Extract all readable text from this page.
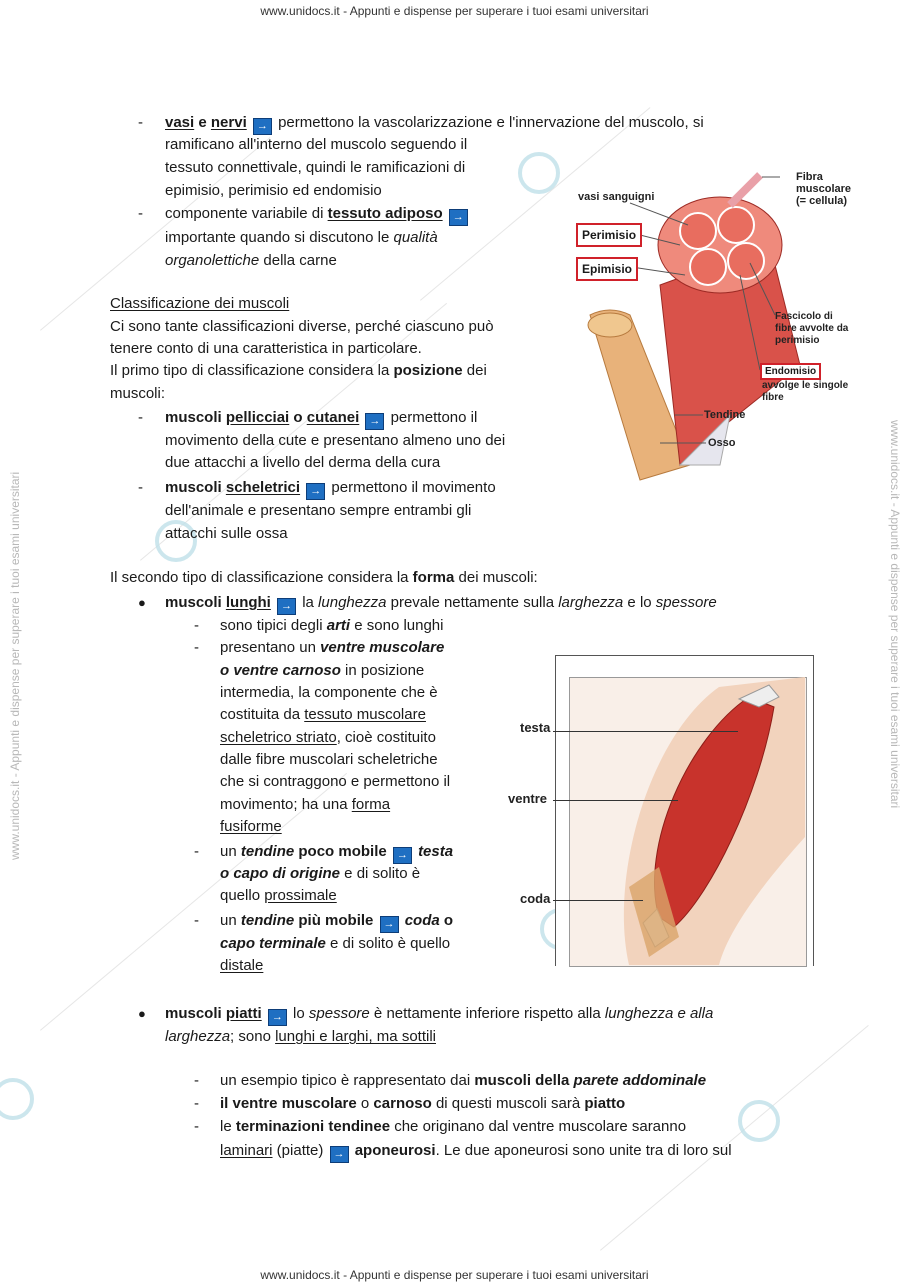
www.unidocs.it - Appunti e dispense per superare i tuoi esami universitari
www.unidocs.it - Appunti e dispense per superare i tuoi esami universitari
www.unidocs.it - Appunti e dispense per superare i tuoi esami universitari	www.unidocs.it - Appunti e dispense per superare i tuoi esami universitari
- vasi e nervi → permettono la vascolarizzazione e l'innervazione del muscolo, si
ramificano all'interno del muscolo seguendo il
tessuto connettivale, quindi le ramificazioni di
epimisio, perimisio ed endomisio
- componente variabile di tessuto adiposo →
importante quando si discutono le qualità
organolettiche della carne
Classificazione dei muscoli
Ci sono tante classificazioni diverse, perché ciascuno può
tenere conto di una caratteristica in particolare.
Il primo tipo di classificazione considera la posizione dei
muscoli:
- muscoli pellicciai o cutanei → permettono il
movimento della cute e presentano almeno uno dei
due attacchi a livello del derma della cura
- muscoli scheletrici → permettono il movimento
dell'animale e presentano sempre entrambi gli
attacchi sulle ossa
Il secondo tipo di classificazione considera la forma dei muscoli:
● muscoli lunghi → la lunghezza prevale nettamente sulla larghezza e lo spessore
- sono tipici degli arti e sono lunghi
- presentano un ventre muscolare
o ventre carnoso in posizione
intermedia, la componente che è
costituita da tessuto muscolare
scheletrico striato, cioè costituito
dalle fibre muscolari scheletriche
che si contraggono e permettono il
movimento; ha una forma
fusiforme
- un tendine poco mobile → testa
o capo di origine e di solito è
quello prossimale
- un tendine più mobile → coda o
capo terminale e di solito è quello
distale
● muscoli piatti → lo spessore è nettamente inferiore rispetto alla lunghezza e alla
larghezza; sono lunghi e larghi, ma sottili
- un esempio tipico è rappresentato dai muscoli della parete addominale
- il ventre muscolare o carnoso di questi muscoli sarà piatto
- le terminazioni tendinee che originano dal ventre muscolare saranno
laminari (piatte) → aponeurosi. Le due aponeurosi sono unite tra di loro sul
vasi sanguigni
Fibra
muscolare
(= cellula)
Perimisio
Epimisio
Fascicolo di
fibre avvolte da
perimisio
Endomisio
avvolge le singole
fibre
Tendine
Osso
testa
ventre
coda
